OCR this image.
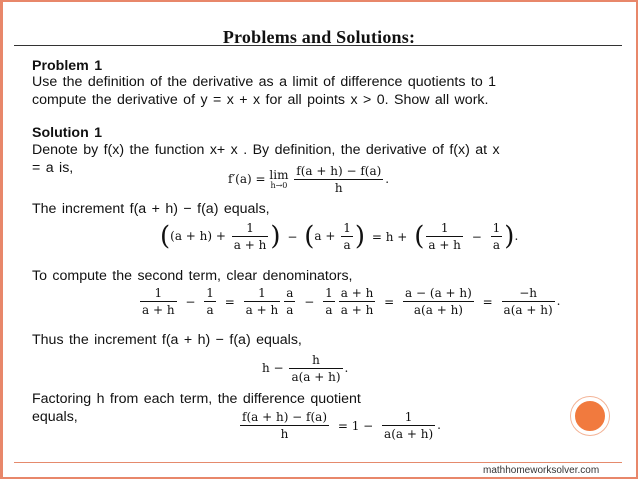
Problems and Solutions:
Problem 1
Use the definition of the derivative as a limit of difference quotients to 1
compute the derivative of y = x + x for all points x > 0. Show all work.
Solution 1
Denote by f(x) the function x+ x . By definition, the derivative of f(x) at x
= a is,
f′(a) = lim
h→0
$\frac{f(a + h) - f(a)}{h}$ .
The increment f(a + h) − f(a) equals,
($(a + h) + \frac{1}{a + h}$ ) − ($a + \frac{1}{a}$ ) = h + ( $\frac{1}{a + h} - \frac{1}{a}$ ).
To compute the second term, clear denominators,
$\frac{1}{a + h} - \frac{1}{a} = \frac{1}{a + h} \frac{a}{a} - \frac{1}{a} \frac{a + h}{a + h} = \frac{a - (a + h)}{a(a + h)} = \frac{-h}{a(a + h)}$ .
Thus the increment f(a + h) − f(a) equals,
$h - \frac{h}{a(a + h)}$ .
Factoring h from each term, the difference quotient
equals,	$\frac{f(a + h) - f(a)}{h} = 1 - \frac{1}{a(a + h)}$ .
mathhomeworksolver.com
